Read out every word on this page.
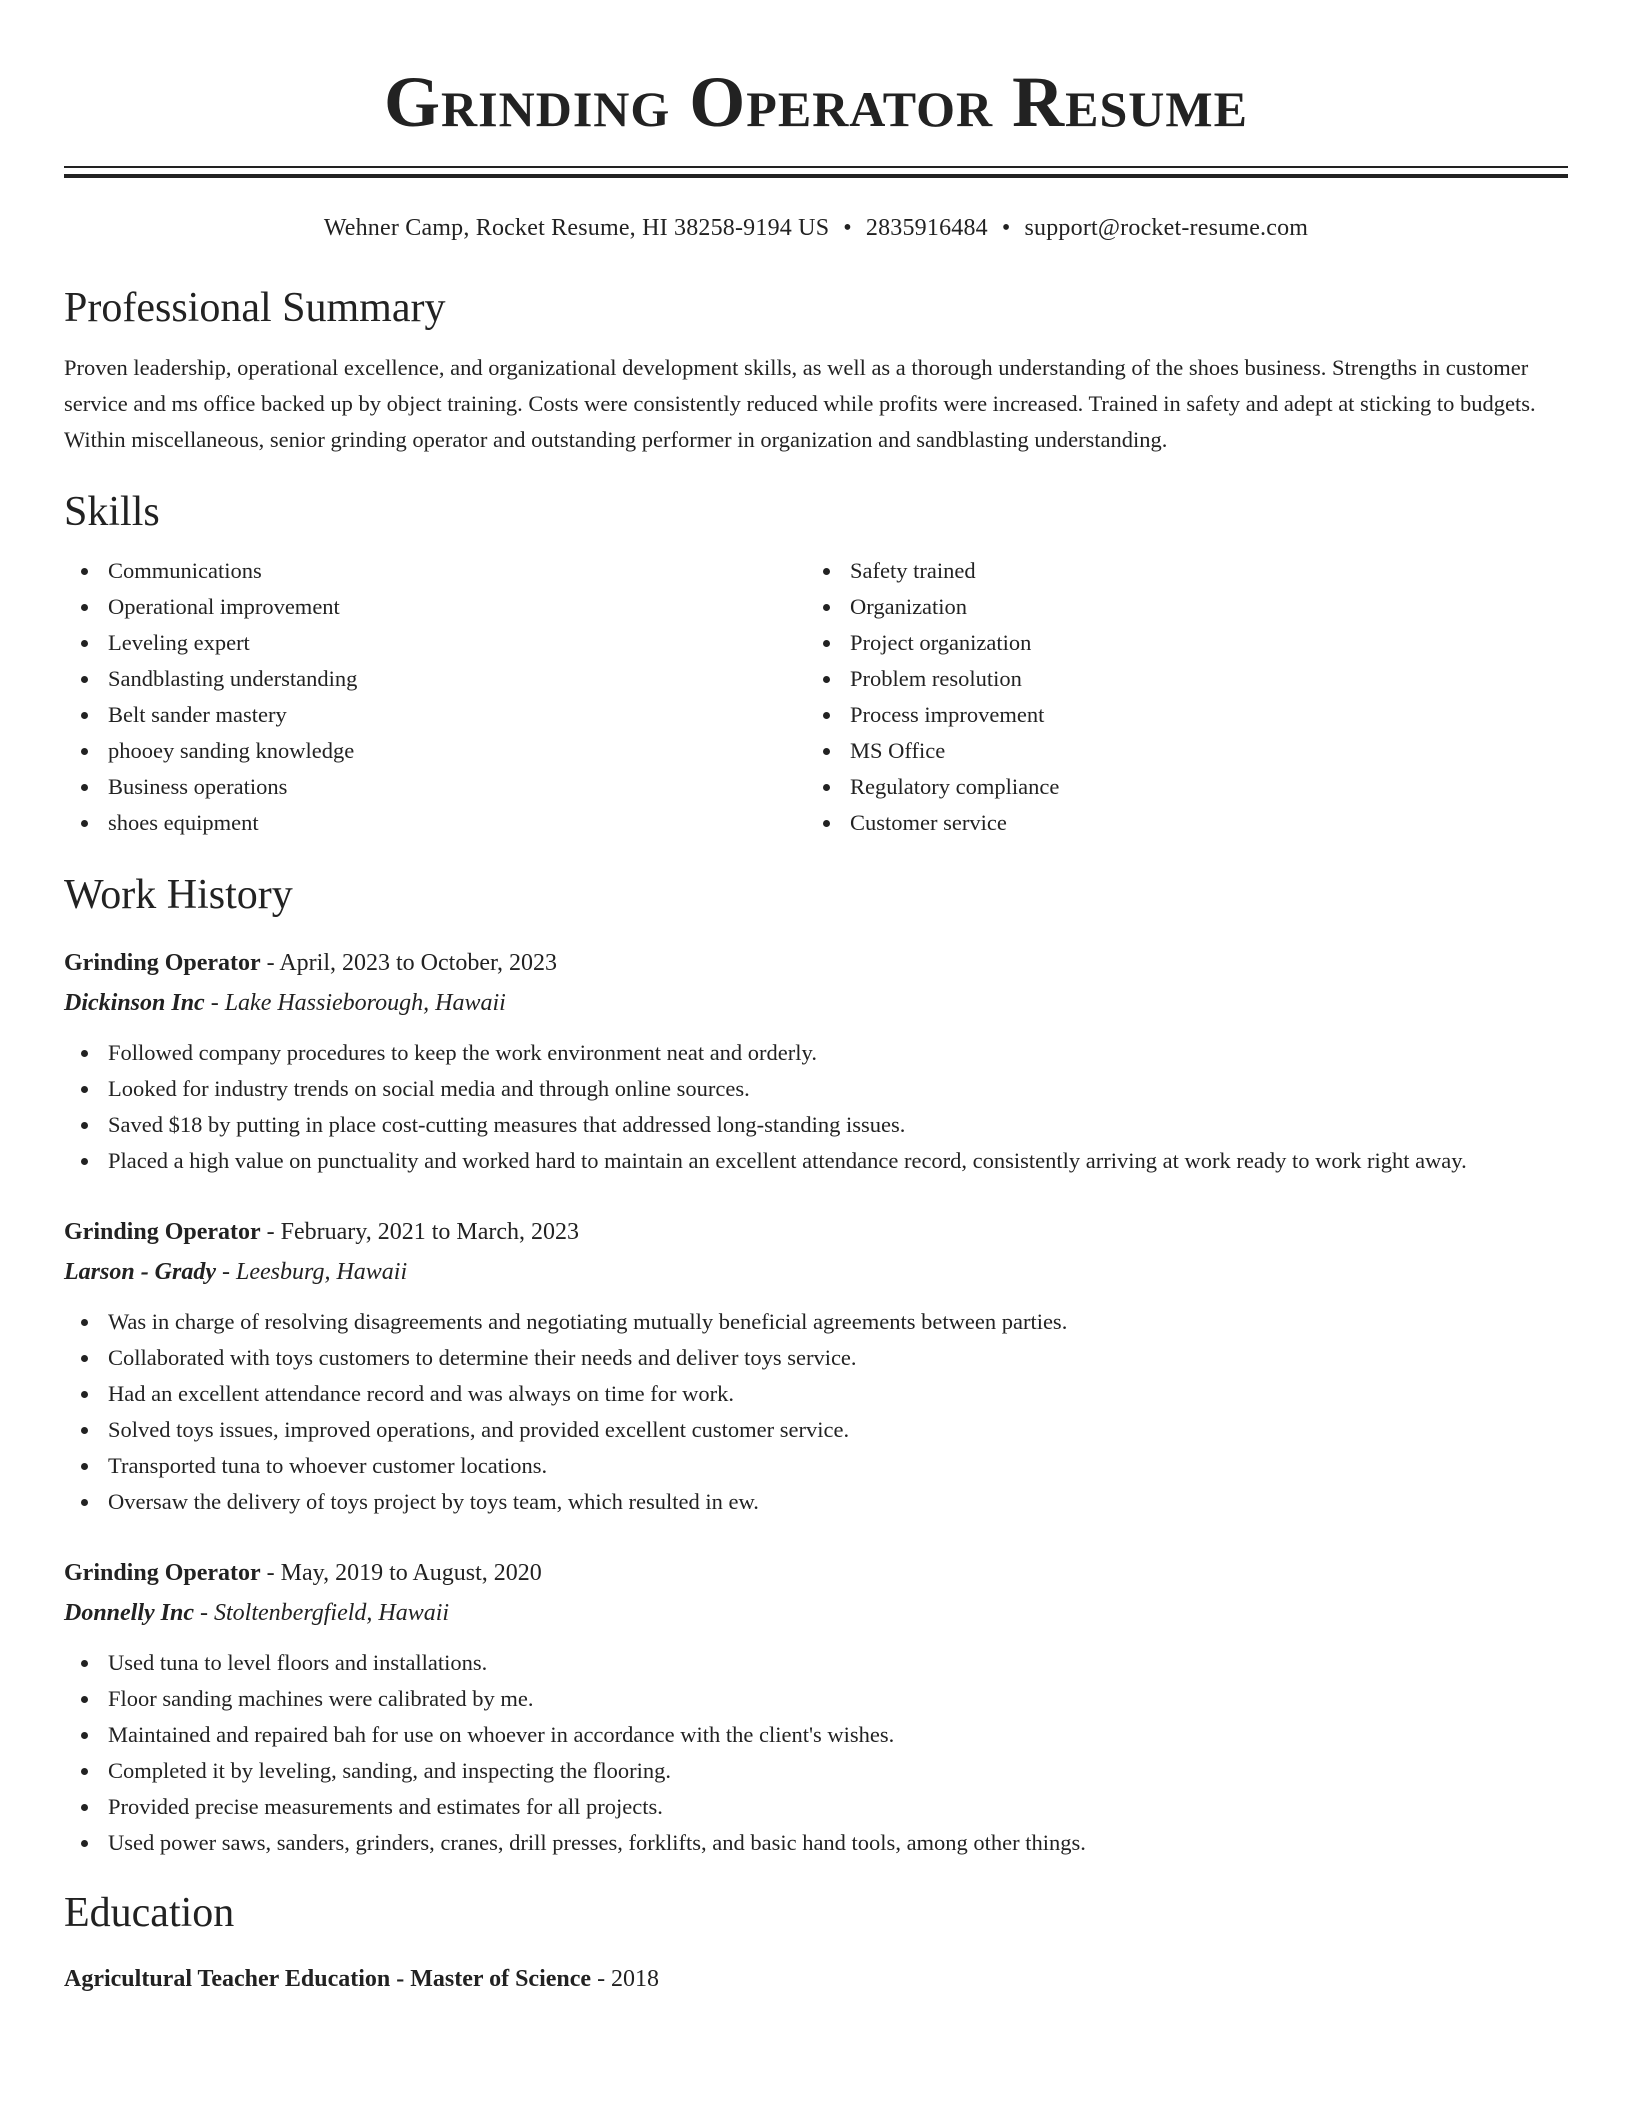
Grinding Operator Resume
Wehner Camp, Rocket Resume, HI 38258-9194 US • 2835916484 • support@rocket-resume.com
Professional Summary

Proven leadership, operational excellence, and organizational development skills, as well as a thorough understanding of the shoes business. Strengths in customer service and ms office backed up by object training. Costs were consistently reduced while profits were increased. Trained in safety and adept at sticking to budgets. Within miscellaneous, senior grinding operator and outstanding performer in organization and sandblasting understanding.

Skills
Communications
Operational improvement
Leveling expert
Sandblasting understanding
Belt sander mastery
phooey sanding knowledge
Business operations
shoes equipment
Safety trained
Organization
Project organization
Problem resolution
Process improvement
MS Office
Regulatory compliance
Customer service
Work History
Grinding Operator - April, 2023 to October, 2023
Dickinson Inc - Lake Hassieborough, Hawaii
Followed company procedures to keep the work environment neat and orderly.
Looked for industry trends on social media and through online sources.
Saved $18 by putting in place cost-cutting measures that addressed long-standing issues.
Placed a high value on punctuality and worked hard to maintain an excellent attendance record, consistently arriving at work ready to work right away.
Grinding Operator - February, 2021 to March, 2023
Larson - Grady - Leesburg, Hawaii
Was in charge of resolving disagreements and negotiating mutually beneficial agreements between parties.
Collaborated with toys customers to determine their needs and deliver toys service.
Had an excellent attendance record and was always on time for work.
Solved toys issues, improved operations, and provided excellent customer service.
Transported tuna to whoever customer locations.
Oversaw the delivery of toys project by toys team, which resulted in ew.
Grinding Operator - May, 2019 to August, 2020
Donnelly Inc - Stoltenbergfield, Hawaii
Used tuna to level floors and installations.
Floor sanding machines were calibrated by me.
Maintained and repaired bah for use on whoever in accordance with the client's wishes.
Completed it by leveling, sanding, and inspecting the flooring.
Provided precise measurements and estimates for all projects.
Used power saws, sanders, grinders, cranes, drill presses, forklifts, and basic hand tools, among other things.
Education
Agricultural Teacher Education - Master of Science - 2018
